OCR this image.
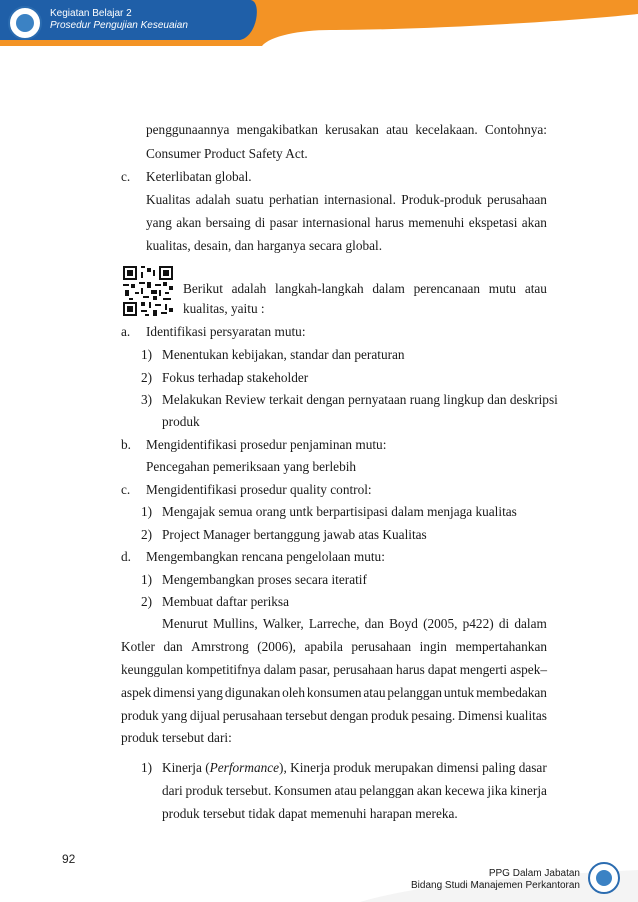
Kegiatan Belajar 2
Prosedur Pengujian Keseuaian
penggunaannya mengakibatkan kerusakan atau kecelakaan. Contohnya:
Consumer Product Safety Act.
c. Keterlibatan global.
Kualitas adalah suatu perhatian internasional. Produk-produk perusahaan
yang akan bersaing di pasar internasional harus memenuhi ekspetasi akan
kualitas, desain, dan harganya secara global.
Berikut adalah langkah-langkah dalam perencanaan mutu atau
kualitas, yaitu :
a. Identifikasi persyaratan mutu:
1) Menentukan kebijakan, standar dan peraturan
2) Fokus terhadap stakeholder
3) Melakukan Review terkait dengan pernyataan ruang lingkup dan deskripsi
produk
b. Mengidentifikasi prosedur penjaminan mutu:
Pencegahan pemeriksaan yang berlebih
c. Mengidentifikasi prosedur quality control:
1) Mengajak semua orang untk berpartisipasi dalam menjaga kualitas
2) Project Manager bertanggung jawab atas Kualitas
d. Mengembangkan rencana pengelolaan mutu:
1) Mengembangkan proses secara iteratif
2) Membuat daftar periksa
Menurut Mullins, Walker, Larreche, dan Boyd (2005, p422) di dalam
Kotler dan Amrstrong (2006), apabila perusahaan ingin mempertahankan
keunggulan kompetitifnya dalam pasar, perusahaan harus dapat mengerti aspek–
aspek dimensi yang digunakan oleh konsumen atau pelanggan untuk membedakan
produk yang dijual perusahaan tersebut dengan produk pesaing. Dimensi kualitas
produk tersebut dari:
1) Kinerja (Performance), Kinerja produk merupakan dimensi paling dasar
dari produk tersebut. Konsumen atau pelanggan akan kecewa jika kinerja
produk tersebut tidak dapat memenuhi harapan mereka.
92
PPG Dalam Jabatan
Bidang Studi Manajemen Perkantoran
